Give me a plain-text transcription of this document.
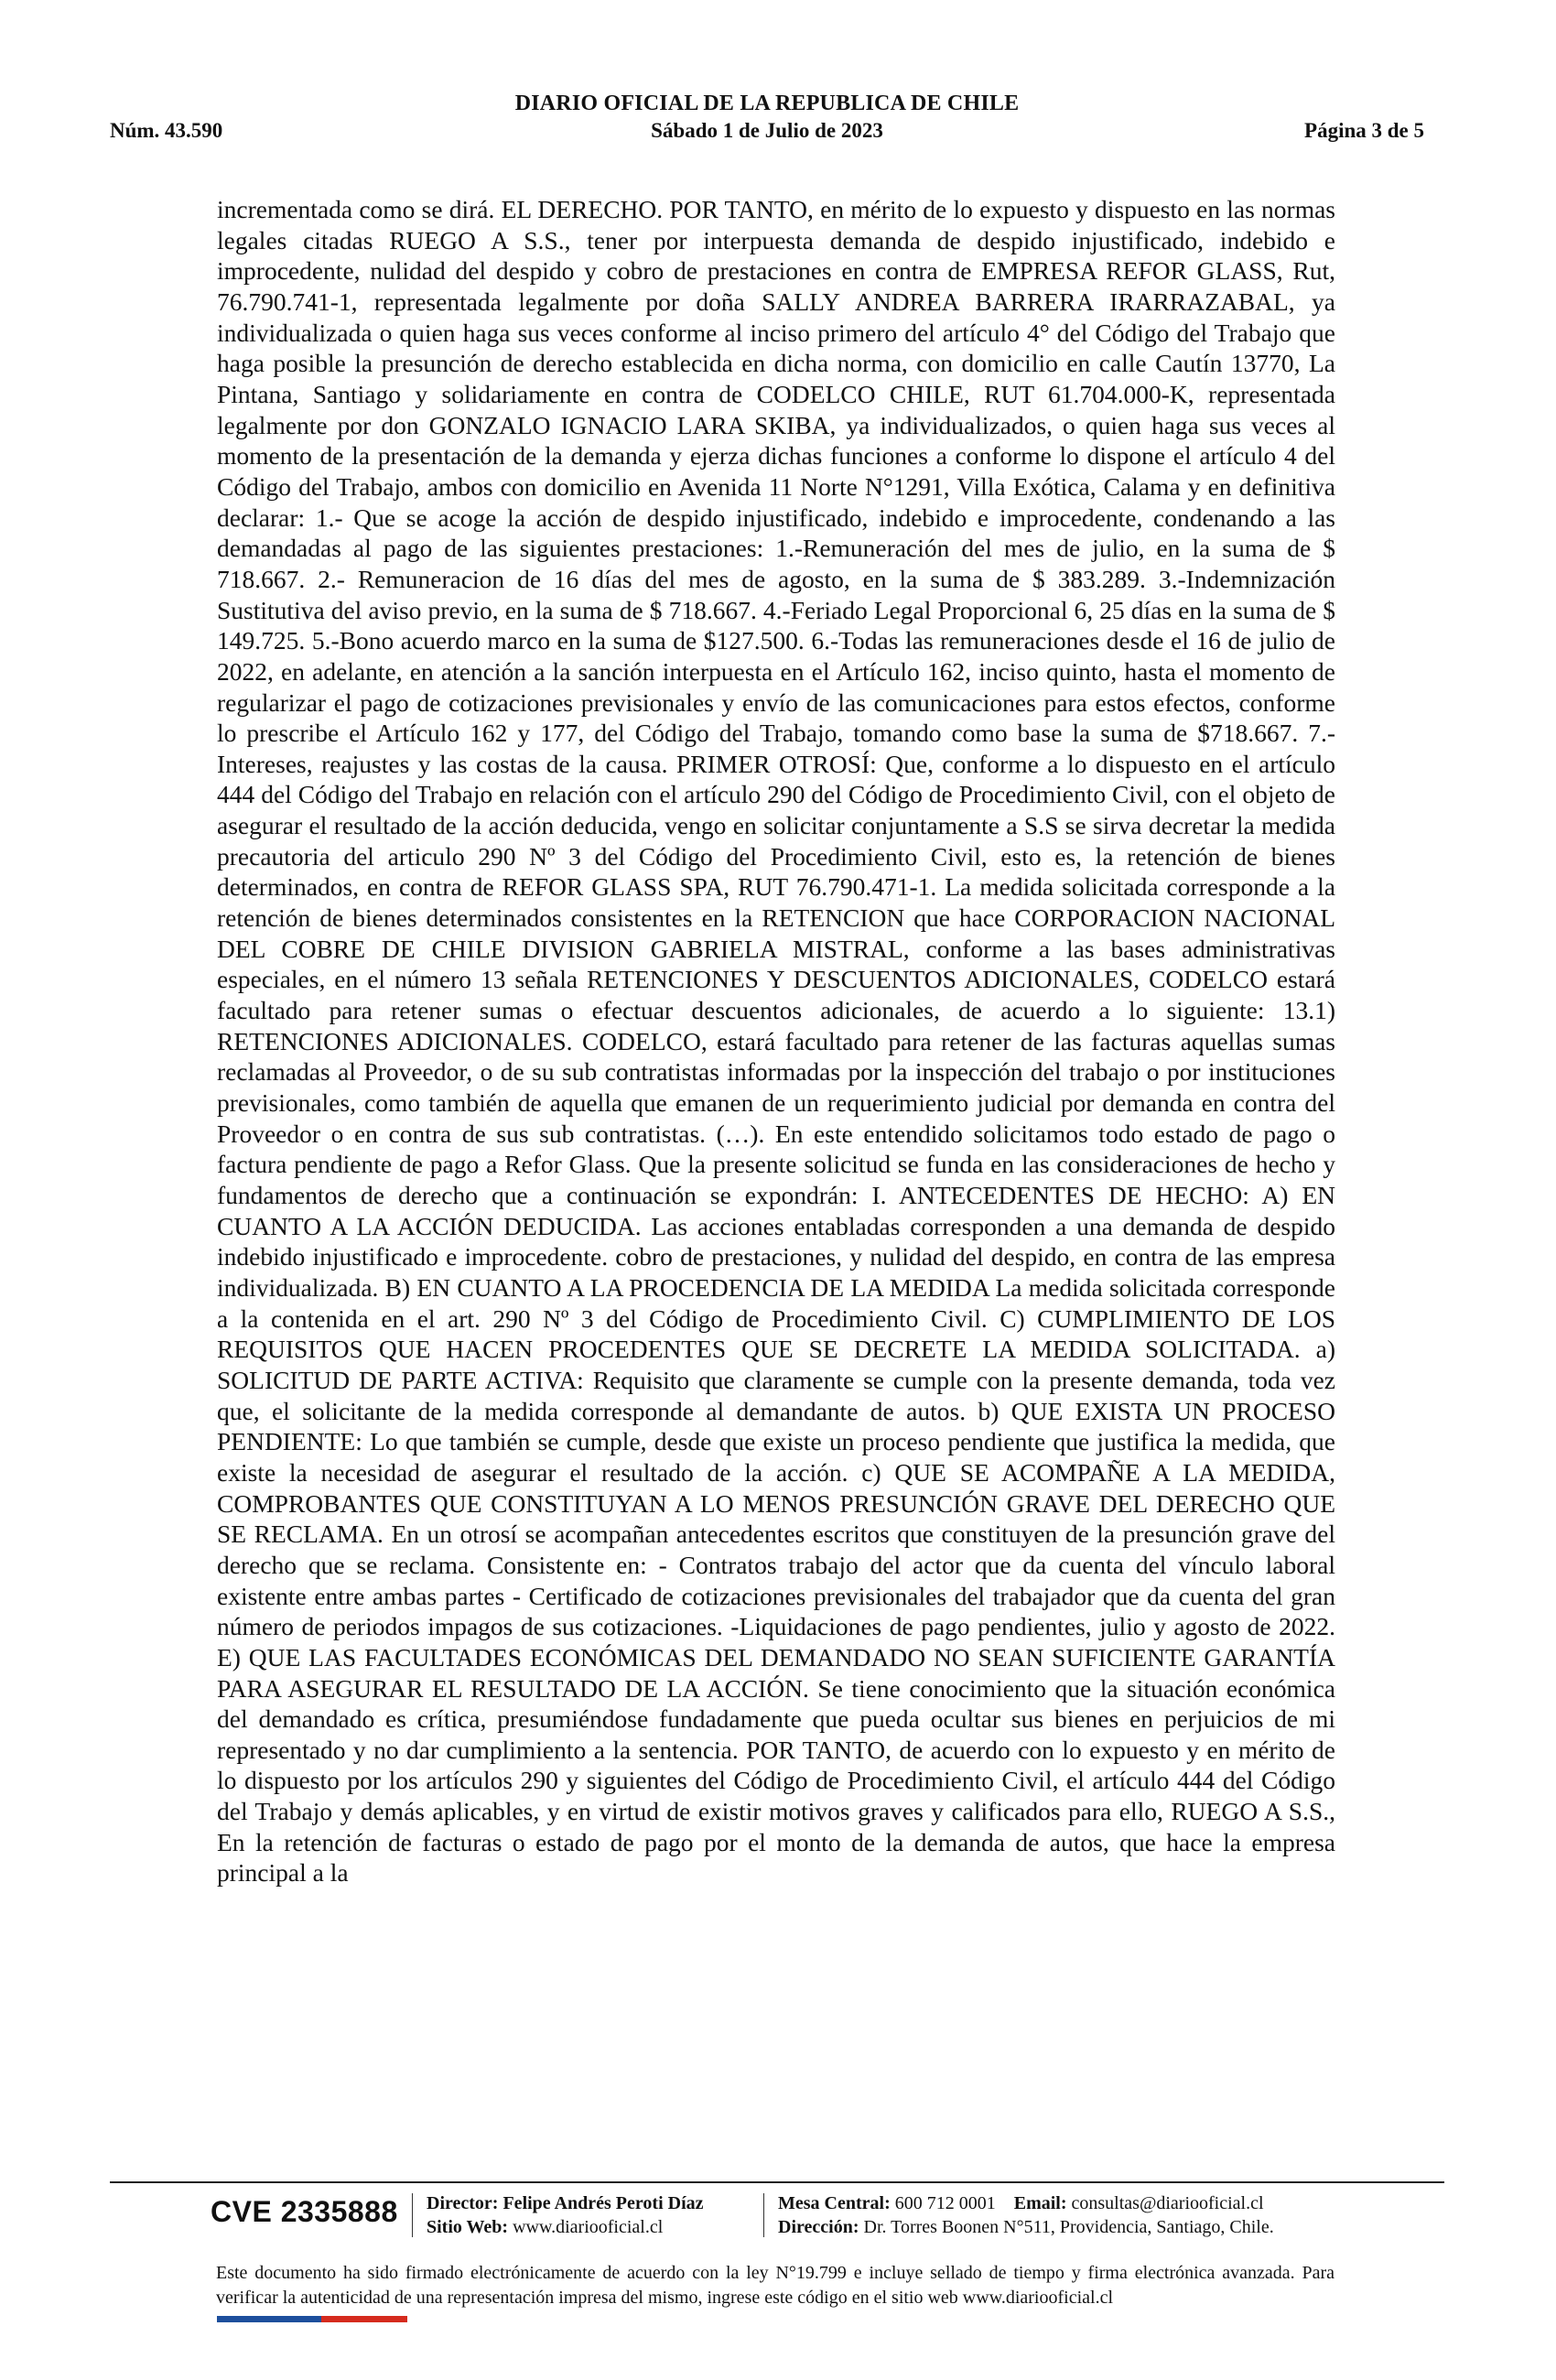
DIARIO OFICIAL DE LA REPUBLICA DE CHILE
Núm. 43.590	Sábado 1 de Julio de 2023	Página 3 de 5

incrementada como se dirá. EL DERECHO. POR TANTO, en mérito de lo expuesto y dispuesto en las normas legales citadas RUEGO A S.S., tener por interpuesta demanda de despido injustificado, indebido e improcedente, nulidad del despido y cobro de prestaciones en contra de EMPRESA REFOR GLASS, Rut, 76.790.741-1, representada legalmente por doña SALLY ANDREA BARRERA IRARRAZABAL, ya individualizada o quien haga sus veces conforme al inciso primero del artículo 4° del Código del Trabajo que haga posible la presunción de derecho establecida en dicha norma, con domicilio en calle Cautín 13770, La Pintana, Santiago y solidariamente en contra de CODELCO CHILE, RUT 61.704.000-K, representada legalmente por don GONZALO IGNACIO LARA SKIBA, ya individualizados, o quien haga sus veces al momento de la presentación de la demanda y ejerza dichas funciones a conforme lo dispone el artículo 4 del Código del Trabajo, ambos con domicilio en Avenida 11 Norte N°1291, Villa Exótica, Calama y en definitiva declarar: 1.- Que se acoge la acción de despido injustificado, indebido e improcedente, condenando a las demandadas al pago de las siguientes prestaciones: 1.-Remuneración del mes de julio, en la suma de $ 718.667. 2.- Remuneracion de 16 días del mes de agosto, en la suma de $ 383.289. 3.-Indemnización Sustitutiva del aviso previo, en la suma de $ 718.667. 4.-Feriado Legal Proporcional 6, 25 días en la suma de $ 149.725. 5.-Bono acuerdo marco en la suma de $127.500. 6.-Todas las remuneraciones desde el 16 de julio de 2022, en adelante, en atención a la sanción interpuesta en el Artículo 162, inciso quinto, hasta el momento de regularizar el pago de cotizaciones previsionales y envío de las comunicaciones para estos efectos, conforme lo prescribe el Artículo 162 y 177, del Código del Trabajo, tomando como base la suma de $718.667. 7.- Intereses, reajustes y las costas de la causa. PRIMER OTROSÍ: Que, conforme a lo dispuesto en el artículo 444 del Código del Trabajo en relación con el artículo 290 del Código de Procedimiento Civil, con el objeto de asegurar el resultado de la acción deducida, vengo en solicitar conjuntamente a S.S se sirva decretar la medida precautoria del articulo 290 Nº 3 del Código del Procedimiento Civil, esto es, la retención de bienes determinados, en contra de REFOR GLASS SPA, RUT 76.790.471-1. La medida solicitada corresponde a la retención de bienes determinados consistentes en la RETENCION que hace CORPORACION NACIONAL DEL COBRE DE CHILE DIVISION GABRIELA MISTRAL, conforme a las bases administrativas especiales, en el número 13 señala RETENCIONES Y DESCUENTOS ADICIONALES, CODELCO estará facultado para retener sumas o efectuar descuentos adicionales, de acuerdo a lo siguiente: 13.1) RETENCIONES ADICIONALES. CODELCO, estará facultado para retener de las facturas aquellas sumas reclamadas al Proveedor, o de su sub contratistas informadas por la inspección del trabajo o por instituciones previsionales, como también de aquella que emanen de un requerimiento judicial por demanda en contra del Proveedor o en contra de sus sub contratistas. (…). En este entendido solicitamos todo estado de pago o factura pendiente de pago a Refor Glass. Que la presente solicitud se funda en las consideraciones de hecho y fundamentos de derecho que a continuación se expondrán: I. ANTECEDENTES DE HECHO: A) EN CUANTO A LA ACCIÓN DEDUCIDA. Las acciones entabladas corresponden a una demanda de despido indebido injustificado e improcedente. cobro de prestaciones, y nulidad del despido, en contra de las empresa individualizada. B) EN CUANTO A LA PROCEDENCIA DE LA MEDIDA La medida solicitada corresponde a la contenida en el art. 290 Nº 3 del Código de Procedimiento Civil. C) CUMPLIMIENTO DE LOS REQUISITOS QUE HACEN PROCEDENTES QUE SE DECRETE LA MEDIDA SOLICITADA. a) SOLICITUD DE PARTE ACTIVA: Requisito que claramente se cumple con la presente demanda, toda vez que, el solicitante de la medida corresponde al demandante de autos. b) QUE EXISTA UN PROCESO PENDIENTE: Lo que también se cumple, desde que existe un proceso pendiente que justifica la medida, que existe la necesidad de asegurar el resultado de la acción. c) QUE SE ACOMPAÑE A LA MEDIDA, COMPROBANTES QUE CONSTITUYAN A LO MENOS PRESUNCIÓN GRAVE DEL DERECHO QUE SE RECLAMA. En un otrosí se acompañan antecedentes escritos que constituyen de la presunción grave del derecho que se reclama. Consistente en: - Contratos trabajo del actor que da cuenta del vínculo laboral existente entre ambas partes - Certificado de cotizaciones previsionales del trabajador que da cuenta del gran número de periodos impagos de sus cotizaciones. -Liquidaciones de pago pendientes, julio y agosto de 2022. E) QUE LAS FACULTADES ECONÓMICAS DEL DEMANDADO NO SEAN SUFICIENTE GARANTÍA PARA ASEGURAR EL RESULTADO DE LA ACCIÓN. Se tiene conocimiento que la situación económica del demandado es crítica, presumiéndose fundadamente que pueda ocultar sus bienes en perjuicios de mi representado y no dar cumplimiento a la sentencia. POR TANTO, de acuerdo con lo expuesto y en mérito de lo dispuesto por los artículos 290 y siguientes del Código de Procedimiento Civil, el artículo 444 del Código del Trabajo y demás aplicables, y en virtud de existir motivos graves y calificados para ello, RUEGO A S.S., En la retención de facturas o estado de pago por el monto de la demanda de autos, que hace la empresa principal a la

CVE 2335888 Director: Felipe Andrés Peroti Díaz
Sitio Web: www.diariooficial.cl
Mesa Central: 600 712 0001 Email: consultas@diariooficial.cl
Dirección: Dr. Torres Boonen N°511, Providencia, Santiago, Chile.

Este documento ha sido firmado electrónicamente de acuerdo con la ley N°19.799 e incluye sellado de tiempo y firma electrónica avanzada. Para verificar la autenticidad de una representación impresa del mismo, ingrese este código en el sitio web www.diariooficial.cl
